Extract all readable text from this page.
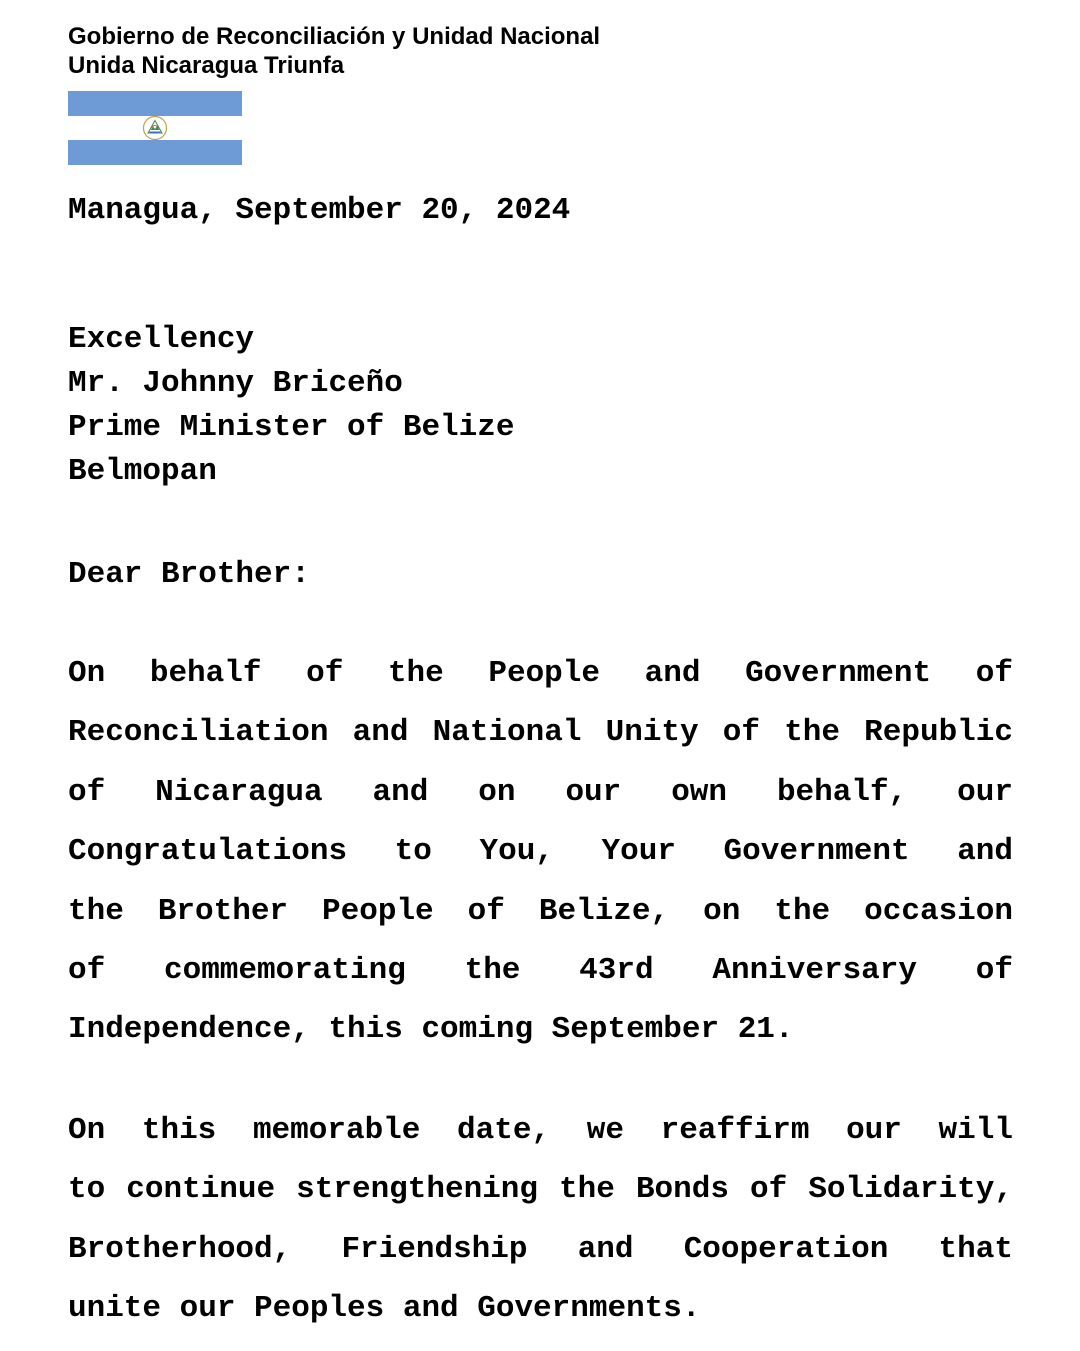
Gobierno de Reconciliación y Unidad Nacional
Unida Nicaragua Triunfa
Managua, September 20, 2024
Excellency
Mr. Johnny Briceño
Prime Minister of Belize
Belmopan
Dear Brother:
On behalf of the People and Government of
Reconciliation and National Unity of the Republic
of Nicaragua and on our own behalf, our
Congratulations to You, Your Government and
the Brother People of Belize, on the occasion
of commemorating the 43rd Anniversary of
Independence, this coming September 21.
On this memorable date, we reaffirm our will
to continue strengthening the Bonds of Solidarity,
Brotherhood, Friendship and Cooperation that
unite our Peoples and Governments.
